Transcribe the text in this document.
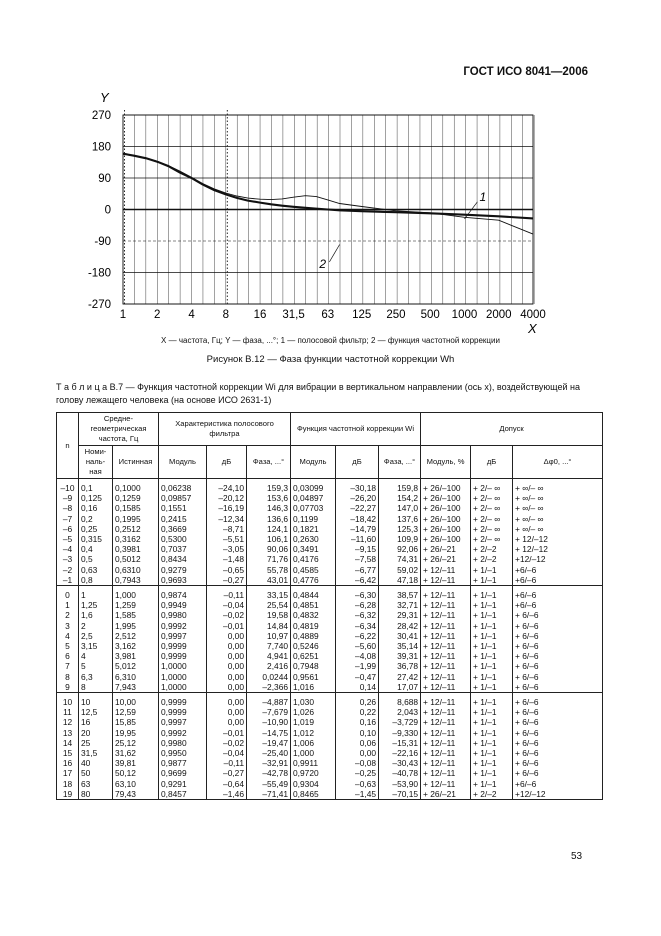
ГОСТ ИСО 8041—2006
270
180
90
0
-90
-180
-270
1 2 4 8 16 31,5 63 125 250 500 1000 2000 4000
Y
X
1
2
X — частота, Гц; Y — фаза, ...°; 1 — полосовой фильтр; 2 — функция частотной коррекции
Рисунок В.12 — Фаза функции частотной коррекции Wh
Т а б л и ц а В.7 — Функция частотной коррекции Wi для вибрации в вертикальном направлении (ось x), воздействующей на голову лежащего человека (на основе ИСО 2631-1)
n	Средне-геометрическая частота, Гц		Характеристика полосового фильтра			Функция частотной коррекции Wi			Допуск		
	Номи-наль-ная	Истинная	Модуль	дБ	Фаза, ...°	Модуль	дБ	Фаза, ...°	Модуль, %	дБ	Δφ0, ...°
–10	0,1	0,1000	0,06238	–24,10	159,3	0,03099	–30,18	159,8	+ 26/–100	+ 2/– ∞	+ ∞/– ∞
–9	0,125	0,1259	0,09857	–20,12	153,6	0,04897	–26,20	154,2	+ 26/–100	+ 2/– ∞	+ ∞/– ∞
–8	0,16	0,1585	0,1551	–16,19	146,3	0,07703	–22,27	147,0	+ 26/–100	+ 2/– ∞	+ ∞/– ∞
–7	0,2	0,1995	0,2415	–12,34	136,6	0,1199	–18,42	137,6	+ 26/–100	+ 2/– ∞	+ ∞/– ∞
–6	0,25	0,2512	0,3669	–8,71	124,1	0,1821	–14,79	125,3	+ 26/–100	+ 2/– ∞	+ ∞/– ∞
–5	0,315	0,3162	0,5300	–5,51	106,1	0,2630	–11,60	109,9	+ 26/–100	+ 2/– ∞	+ 12/–12
–4	0,4	0,3981	0,7037	–3,05	90,06	0,3491	–9,15	92,06	+ 26/–21	+ 2/–2	+ 12/–12
–3	0,5	0,5012	0,8434	–1,48	71,76	0,4176	–7,58	74,31	+ 26/–21	+ 2/–2	+12/–12
–2	0,63	0,6310	0,9279	–0,65	55,78	0,4585	–6,77	59,02	+ 12/–11	+ 1/–1	+6/–6
–1	0,8	0,7943	0,9693	–0,27	43,01	0,4776	–6,42	47,18	+ 12/–11	+ 1/–1	+6/–6
0	1	1,000	0,9874	–0,11	33,15	0,4844	–6,30	38,57	+ 12/–11	+ 1/–1	+6/–6
1	1,25	1,259	0,9949	–0,04	25,54	0,4851	–6,28	32,71	+ 12/–11	+ 1/–1	+6/–6
2	1,6	1,585	0,9980	–0,02	19,58	0,4832	–6,32	29,31	+ 12/–11	+ 1/–1	+ 6/–6
3	2	1,995	0,9992	–0,01	14,84	0,4819	–6,34	28,42	+ 12/–11	+ 1/–1	+ 6/–6
4	2,5	2,512	0,9997	0,00	10,97	0,4889	–6,22	30,41	+ 12/–11	+ 1/–1	+ 6/–6
5	3,15	3,162	0,9999	0,00	7,740	0,5246	–5,60	35,14	+ 12/–11	+ 1/–1	+ 6/–6
6	4	3,981	0,9999	0,00	4,941	0,6251	–4,08	39,31	+ 12/–11	+ 1/–1	+ 6/–6
7	5	5,012	1,0000	0,00	2,416	0,7948	–1,99	36,78	+ 12/–11	+ 1/–1	+ 6/–6
8	6,3	6,310	1,0000	0,00	0,0244	0,9561	–0,47	27,42	+ 12/–11	+ 1/–1	+ 6/–6
9	8	7,943	1,0000	0,00	–2,366	1,016	0,14	17,07	+ 12/–11	+ 1/–1	+ 6/–6
10	10	10,00	0,9999	0,00	–4,887	1,030	0,26	8,688	+ 12/–11	+ 1/–1	+ 6/–6
11	12,5	12,59	0,9999	0,00	–7,679	1,026	0,22	2,043	+ 12/–11	+ 1/–1	+ 6/–6
12	16	15,85	0,9997	0,00	–10,90	1,019	0,16	–3,729	+ 12/–11	+ 1/–1	+ 6/–6
13	20	19,95	0,9992	–0,01	–14,75	1,012	0,10	–9,330	+ 12/–11	+ 1/–1	+ 6/–6
14	25	25,12	0,9980	–0,02	–19,47	1,006	0,06	–15,31	+ 12/–11	+ 1/–1	+ 6/–6
15	31,5	31,62	0,9950	–0,04	–25,40	1,000	0,00	–22,16	+ 12/–11	+ 1/–1	+ 6/–6
16	40	39,81	0,9877	–0,11	–32,91	0,9911	–0,08	–30,43	+ 12/–11	+ 1/–1	+ 6/–6
17	50	50,12	0,9699	–0,27	–42,78	0,9720	–0,25	–40,78	+ 12/–11	+ 1/–1	+ 6/–6
18	63	63,10	0,9291	–0,64	–55,49	0,9304	–0,63	–53,90	+ 12/–11	+ 1/–1	+6/–6
19	80	79,43	0,8457	–1,46	–71,41	0,8465	–1,45	–70,15	+ 26/–21	+ 2/–2	+12/–12
53
